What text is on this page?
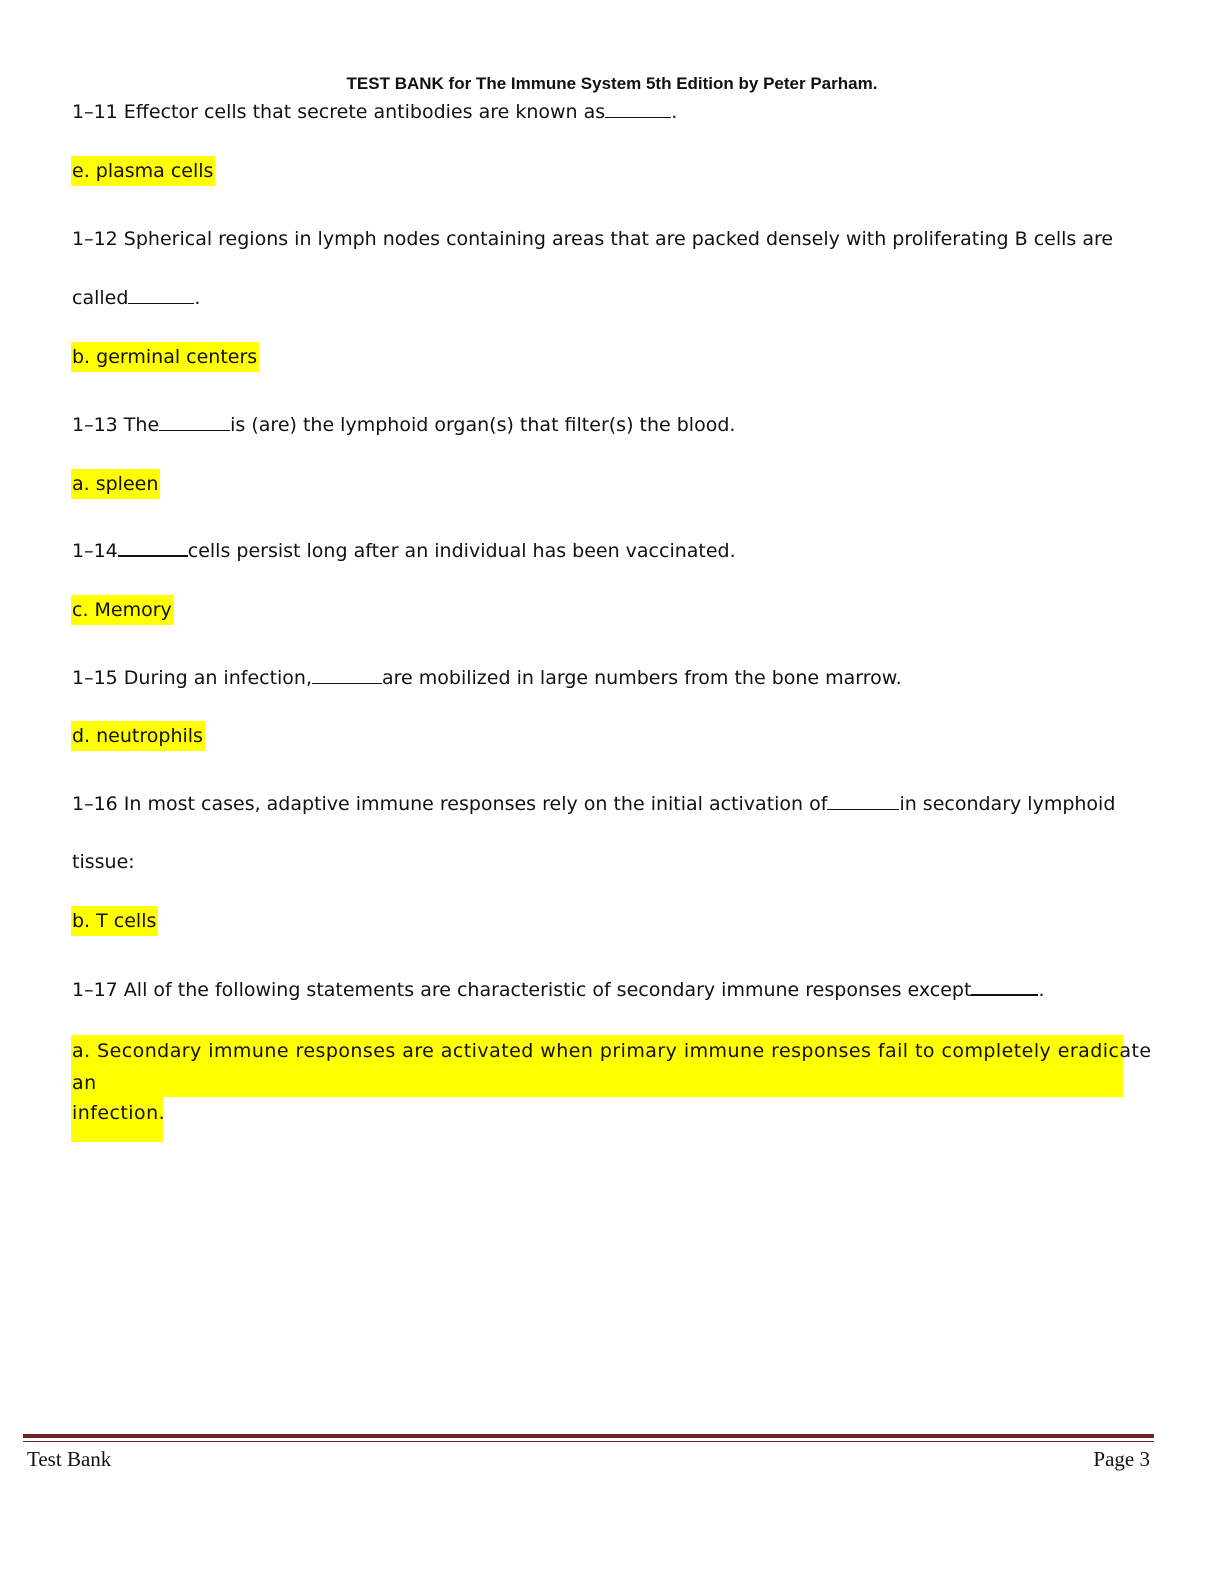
TEST BANK for The Immune System 5th Edition by Peter Parham.
1–11 Effector cells that secrete antibodies are known as	.
e. plasma cells
1–12 Spherical regions in lymph nodes containing areas that are packed densely with proliferating B cells are
called	.
b. germinal centers
1–13 The	is (are) the lymphoid organ(s) that filter(s) the blood.
a. spleen
1–14	cells persist long after an individual has been vaccinated.
c. Memory
1–15 During an infection,	are mobilized in large numbers from the bone marrow.
d. neutrophils
1–16 In most cases, adaptive immune responses rely on the initial activation of	in secondary lymphoid
tissue:
b. T cells
1–17 All of the following statements are characteristic of secondary immune responses except	.
a. Secondary immune responses are activated when primary immune responses fail to completely eradicate
an
infection.
Test Bank	Page 3
